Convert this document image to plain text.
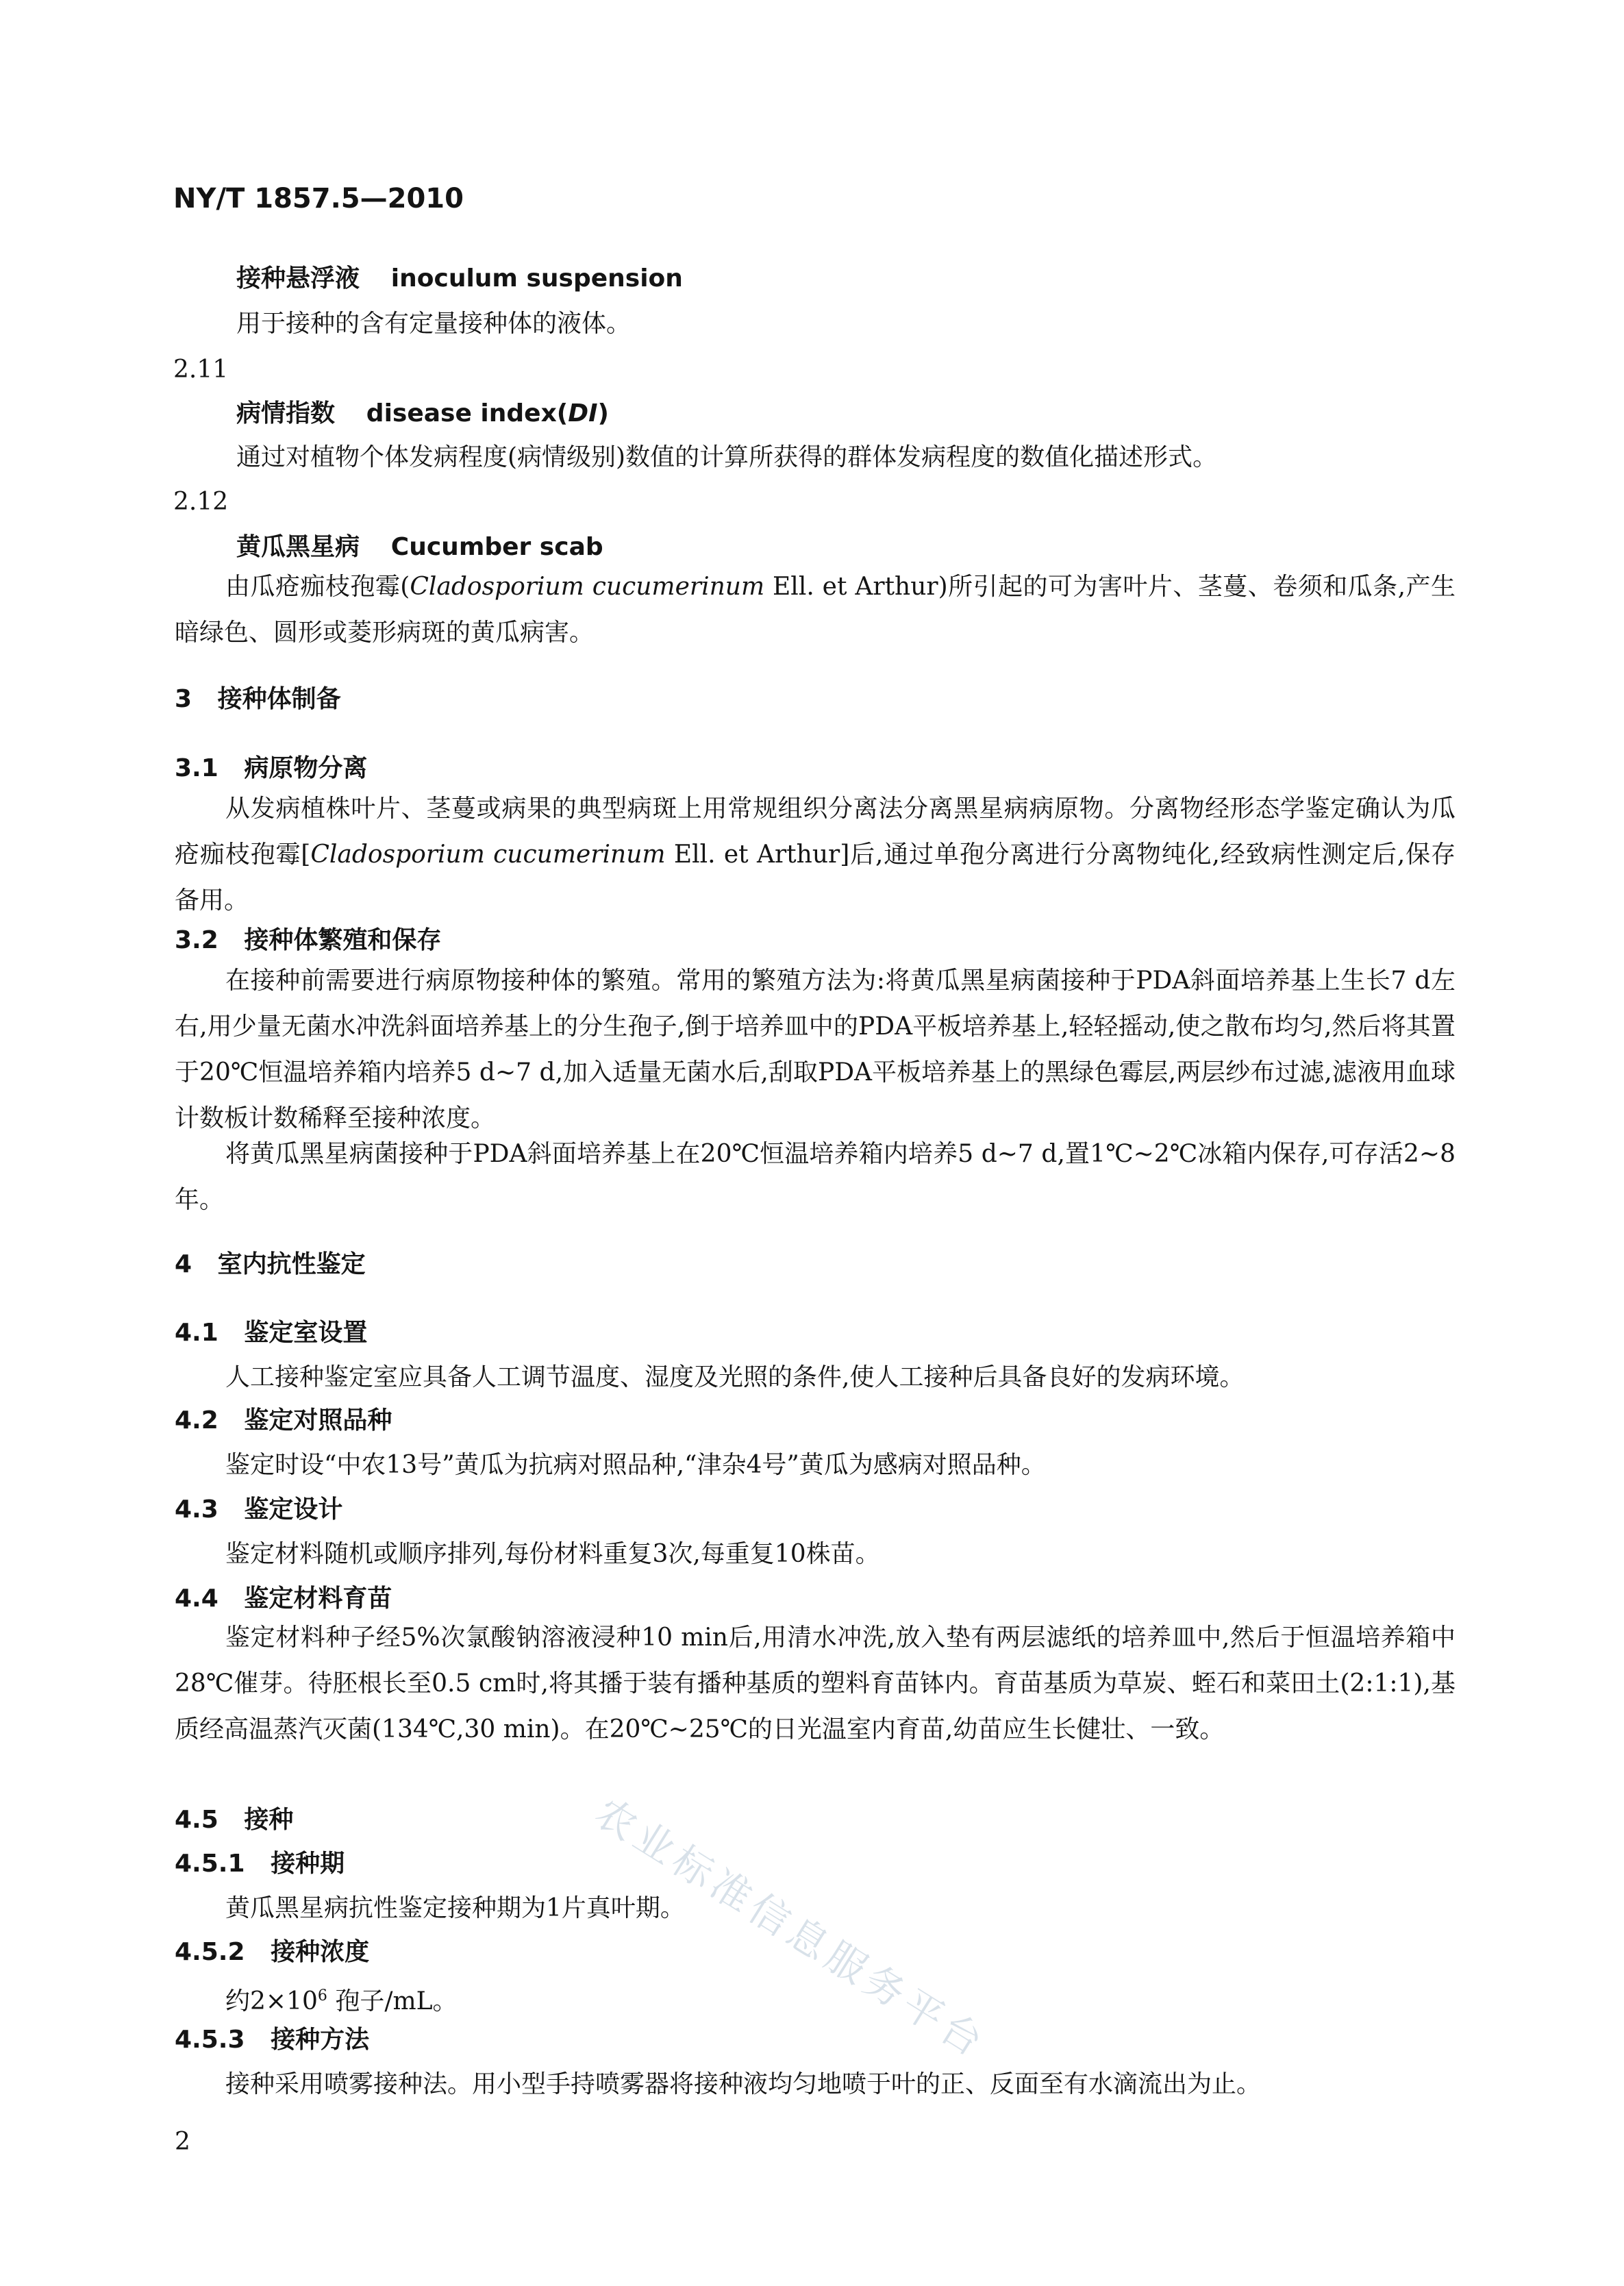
NY/T 1857.5—2010
接种悬浮液 inoculum suspension
用于接种的含有定量接种体的液体。
2.11
病情指数 disease index(DI)
通过对植物个体发病程度(病情级别)数值的计算所获得的群体发病程度的数值化描述形式。
2.12
黄瓜黑星病 Cucumber scab

由瓜疮痂枝孢霉(Cladosporium cucumerinum Ell. et Arthur)所引起的可为害叶片、茎蔓、卷须和瓜条,产生暗绿色、圆形或菱形病斑的黄瓜病害。

3 接种体制备
3.1 病原物分离

从发病植株叶片、茎蔓或病果的典型病斑上用常规组织分离法分离黑星病病原物。分离物经形态学鉴定确认为瓜疮痂枝孢霉[Cladosporium cucumerinum Ell. et Arthur]后,通过单孢分离进行分离物纯化,经致病性测定后,保存备用。

3.2 接种体繁殖和保存

在接种前需要进行病原物接种体的繁殖。常用的繁殖方法为:将黄瓜黑星病菌接种于PDA斜面培养基上生长7 d左右,用少量无菌水冲洗斜面培养基上的分生孢子,倒于培养皿中的PDA平板培养基上,轻轻摇动,使之散布均匀,然后将其置于20℃恒温培养箱内培养5 d~7 d,加入适量无菌水后,刮取PDA平板培养基上的黑绿色霉层,两层纱布过滤,滤液用血球计数板计数稀释至接种浓度。

将黄瓜黑星病菌接种于PDA斜面培养基上在20℃恒温培养箱内培养5 d~7 d,置1℃~2℃冰箱内保存,可存活2~8年。

4 室内抗性鉴定
4.1 鉴定室设置
人工接种鉴定室应具备人工调节温度、湿度及光照的条件,使人工接种后具备良好的发病环境。
4.2 鉴定对照品种
鉴定时设“中农13号”黄瓜为抗病对照品种,“津杂4号”黄瓜为感病对照品种。
4.3 鉴定设计
鉴定材料随机或顺序排列,每份材料重复3次,每重复10株苗。
4.4 鉴定材料育苗

鉴定材料种子经5%次氯酸钠溶液浸种10 min后,用清水冲洗,放入垫有两层滤纸的培养皿中,然后于恒温培养箱中28℃催芽。待胚根长至0.5 cm时,将其播于装有播种基质的塑料育苗钵内。育苗基质为草炭、蛭石和菜田土(2:1:1),基质经高温蒸汽灭菌(134℃,30 min)。在20℃~25℃的日光温室内育苗,幼苗应生长健壮、一致。

4.5 接种
4.5.1 接种期
黄瓜黑星病抗性鉴定接种期为1片真叶期。
4.5.2 接种浓度
约$2\times 10^6$ 孢子/mL。
4.5.3 接种方法
接种采用喷雾接种法。用小型手持喷雾器将接种液均匀地喷于叶的正、反面至有水滴流出为止。
2
农业标准信息服务平台
